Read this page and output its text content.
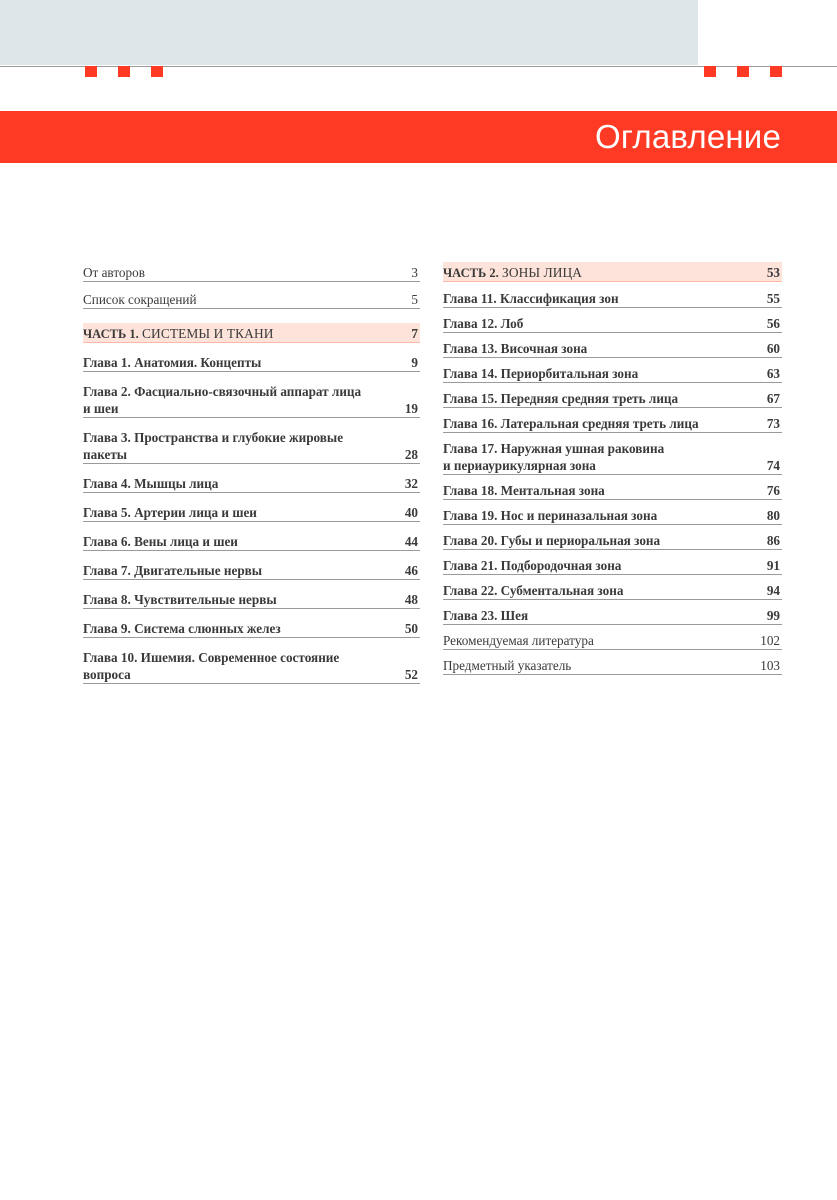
Оглавление
От авторов	3
Список сокращений	5
ЧАСТЬ 1. СИСТЕМЫ И ТКАНИ	7
Глава 1. Анатомия. Концепты	9
Глава 2. Фасциально-связочный аппарат лица
и шеи	19
Глава 3. Пространства и глубокие жировые
пакеты	28
Глава 4. Мышцы лица	32
Глава 5. Артерии лица и шеи	40
Глава 6. Вены лица и шеи	44
Глава 7. Двигательные нервы	46
Глава 8. Чувствительные нервы	48
Глава 9. Система слюнных желез	50
Глава 10. Ишемия. Современное состояние
вопроса	52
ЧАСТЬ 2. ЗОНЫ ЛИЦА	53
Глава 11. Классификация зон	55
Глава 12. Лоб	56
Глава 13. Височная зона	60
Глава 14. Периорбитальная зона	63
Глава 15. Передняя средняя треть лица	67
Глава 16. Латеральная средняя треть лица	73
Глава 17. Наружная ушная раковина
и периаурикулярная зона	74
Глава 18. Ментальная зона	76
Глава 19. Нос и периназальная зона	80
Глава 20. Губы и периоральная зона	86
Глава 21. Подбородочная зона	91
Глава 22. Субментальная зона	94
Глава 23. Шея	99
Рекомендуемая литература	102
Предметный указатель	103
